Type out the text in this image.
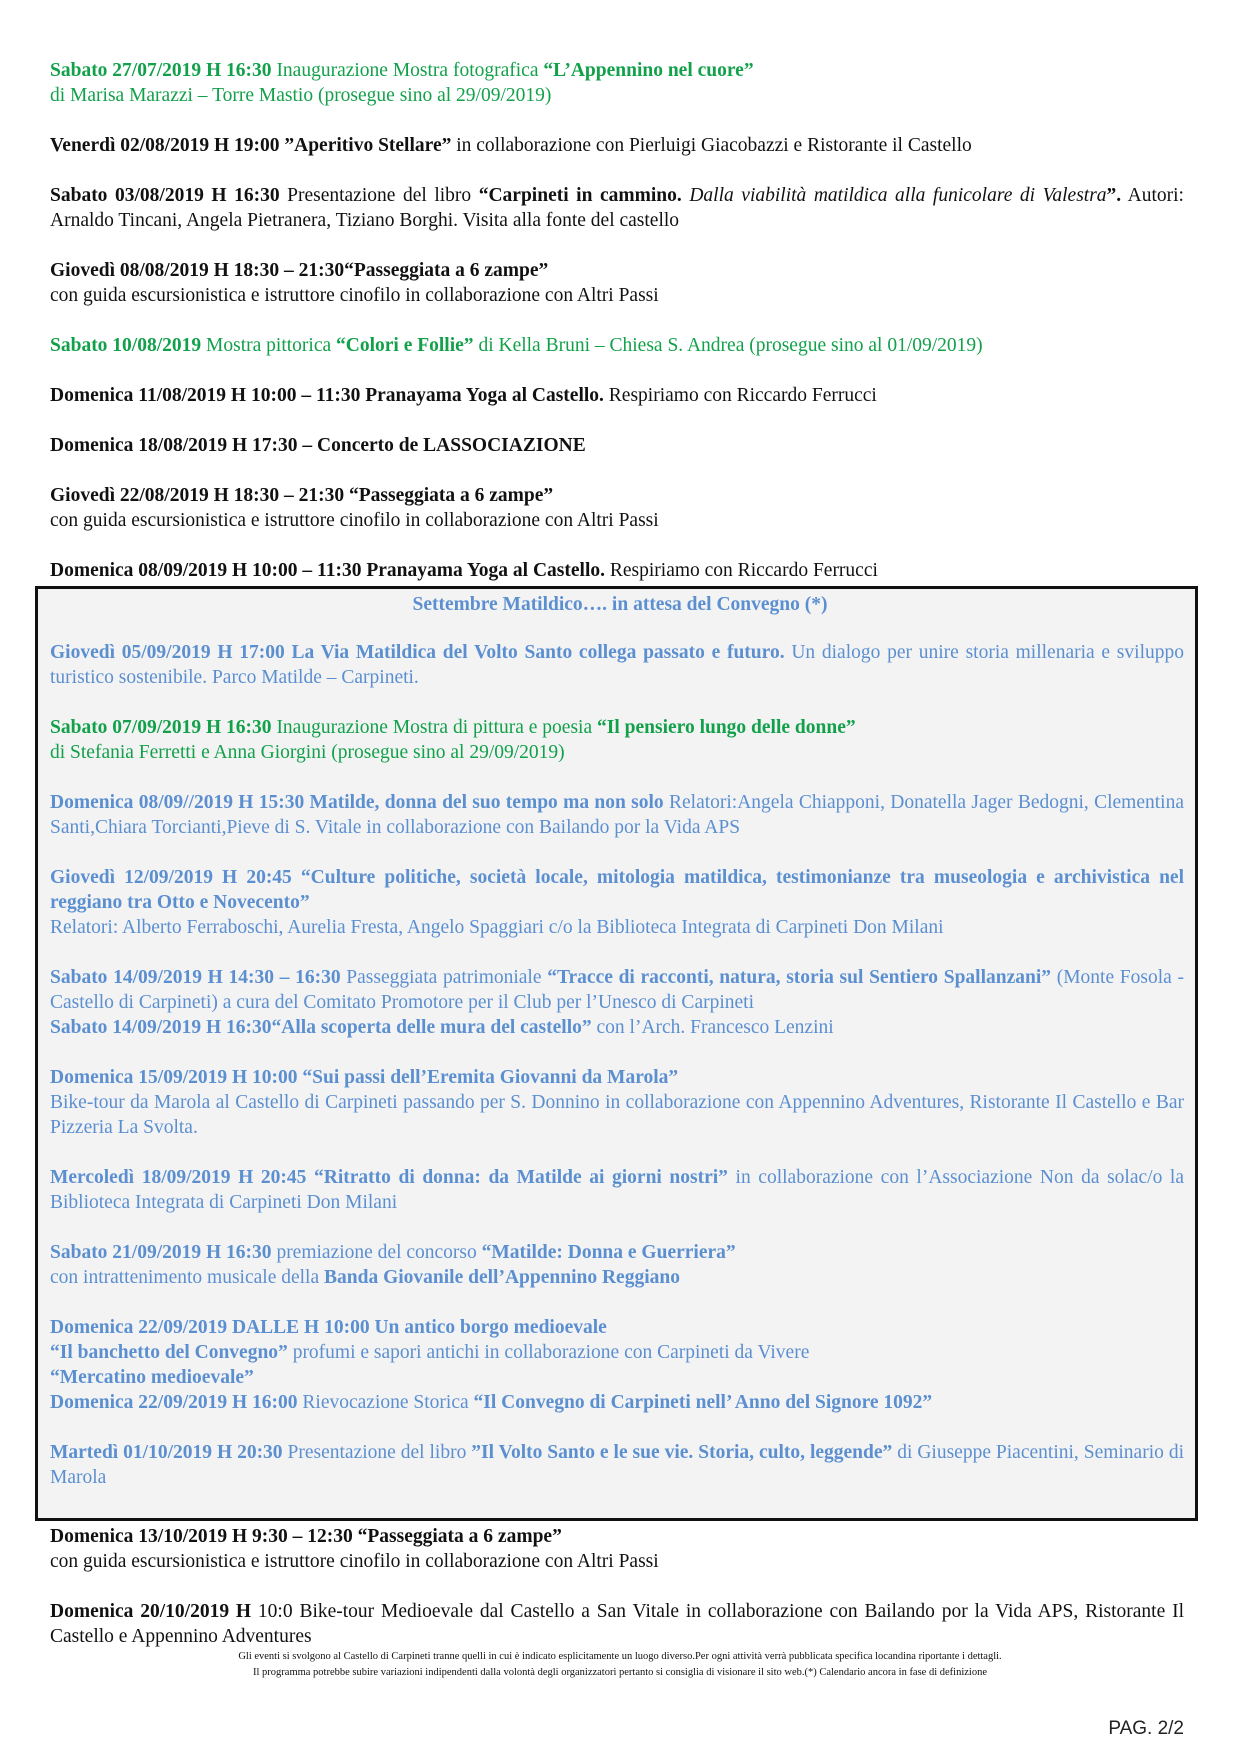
Sabato 27/07/2019 H 16:30 Inaugurazione Mostra fotografica “L’Appennino nel cuore”

di Marisa Marazzi – Torre Mastio (prosegue sino al 29/09/2019)

Venerdì 02/08/2019 H 19:00 ”Aperitivo Stellare” in collaborazione con Pierluigi Giacobazzi e Ristorante il Castello

Sabato 03/08/2019 H 16:30 Presentazione del libro “Carpineti in cammino. Dalla viabilità matildica alla funicolare di Valestra”. Autori: Arnaldo Tincani, Angela Pietranera, Tiziano Borghi. Visita alla fonte del castello

Giovedì 08/08/2019 H 18:30 – 21:30“Passeggiata a 6 zampe”

con guida escursionistica e istruttore cinofilo in collaborazione con Altri Passi

Sabato 10/08/2019 Mostra pittorica “Colori e Follie” di Kella Bruni – Chiesa S. Andrea (prosegue sino al 01/09/2019)

Domenica 11/08/2019 H 10:00 – 11:30 Pranayama Yoga al Castello. Respiriamo con Riccardo Ferrucci

Domenica 18/08/2019 H 17:30 – Concerto de LASSOCIAZIONE

Giovedì 22/08/2019 H 18:30 – 21:30 “Passeggiata a 6 zampe”

con guida escursionistica e istruttore cinofilo in collaborazione con Altri Passi

Domenica 08/09/2019 H 10:00 – 11:30 Pranayama Yoga al Castello. Respiriamo con Riccardo Ferrucci

Settembre Matildico…. in attesa del Convegno (*)

Giovedì 05/09/2019 H 17:00 La Via Matildica del Volto Santo collega passato e futuro. Un dialogo per unire storia millenaria e sviluppo turistico sostenibile. Parco Matilde – Carpineti.

Sabato 07/09/2019 H 16:30 Inaugurazione Mostra di pittura e poesia “Il pensiero lungo delle donne”

di Stefania Ferretti e Anna Giorgini (prosegue sino al 29/09/2019)

Domenica 08/09//2019 H 15:30 Matilde, donna del suo tempo ma non solo Relatori:Angela Chiapponi, Donatella Jager Bedogni, Clementina Santi,Chiara Torcianti,Pieve di S. Vitale in collaborazione con Bailando por la Vida APS

Giovedì 12/09/2019 H 20:45 “Culture politiche, società locale, mitologia matildica, testimonianze tra museologia e archivistica nel reggiano tra Otto e Novecento”

Relatori: Alberto Ferraboschi, Aurelia Fresta, Angelo Spaggiari c/o la Biblioteca Integrata di Carpineti Don Milani

Sabato 14/09/2019 H 14:30 – 16:30 Passeggiata patrimoniale “Tracce di racconti, natura, storia sul Sentiero Spallanzani” (Monte Fosola - Castello di Carpineti) a cura del Comitato Promotore per il Club per l’Unesco di Carpineti

Sabato 14/09/2019 H 16:30“Alla scoperta delle mura del castello” con l’Arch. Francesco Lenzini

Domenica 15/09/2019 H 10:00 “Sui passi dell’Eremita Giovanni da Marola”

Bike-tour da Marola al Castello di Carpineti passando per S. Donnino in collaborazione con Appennino Adventures, Ristorante Il Castello e Bar Pizzeria La Svolta.

Mercoledì 18/09/2019 H 20:45 “Ritratto di donna: da Matilde ai giorni nostri” in collaborazione con l’Associazione Non da solac/o la Biblioteca Integrata di Carpineti Don Milani

Sabato 21/09/2019 H 16:30 premiazione del concorso “Matilde: Donna e Guerriera”

con intrattenimento musicale della Banda Giovanile dell’Appennino Reggiano

Domenica 22/09/2019 DALLE H 10:00 Un antico borgo medioevale

“Il banchetto del Convegno” profumi e sapori antichi in collaborazione con Carpineti da Vivere

“Mercatino medioevale”

Domenica 22/09/2019 H 16:00 Rievocazione Storica “Il Convegno di Carpineti nell’ Anno del Signore 1092”

Martedì 01/10/2019 H 20:30 Presentazione del libro ”Il Volto Santo e le sue vie. Storia, culto, leggende” di Giuseppe Piacentini, Seminario di Marola

Domenica 13/10/2019 H 9:30 – 12:30 “Passeggiata a 6 zampe”

con guida escursionistica e istruttore cinofilo in collaborazione con Altri Passi

Domenica 20/10/2019 H 10:0 Bike-tour Medioevale dal Castello a San Vitale in collaborazione con Bailando por la Vida APS, Ristorante Il Castello e Appennino Adventures

Gli eventi si svolgono al Castello di Carpineti tranne quelli in cui è indicato esplicitamente un luogo diverso.Per ogni attività verrà pubblicata specifica locandina riportante i dettagli.
Il programma potrebbe subire variazioni indipendenti dalla volontà degli organizzatori pertanto si consiglia di visionare il sito web.(*) Calendario ancora in fase di definizione
PAG. 2/2
